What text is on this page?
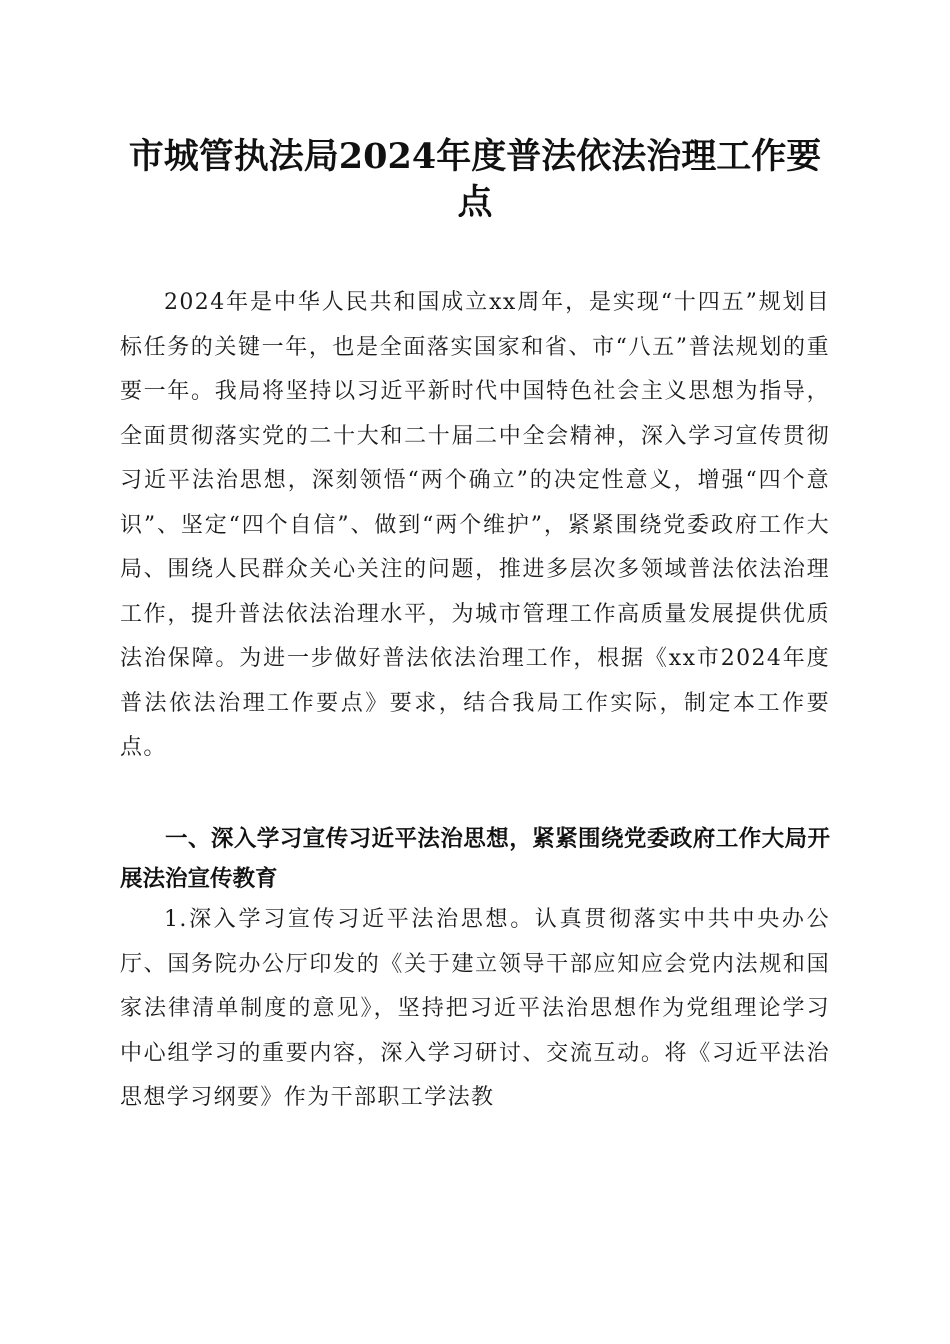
市城管执法局2024年度普法依法治理工作要点

2024年是中华人民共和国成立xx周年，是实现“十四五”规划目标任务的关键一年，也是全面落实国家和省、市“八五”普法规划的重要一年。我局将坚持以习近平新时代中国特色社会主义思想为指导，全面贯彻落实党的二十大和二十届二中全会精神，深入学习宣传贯彻习近平法治思想，深刻领悟“两个确立”的决定性意义，增强“四个意识”、坚定“四个自信”、做到“两个维护”，紧紧围绕党委政府工作大局、围绕人民群众关心关注的问题，推进多层次多领域普法依法治理工作，提升普法依法治理水平，为城市管理工作高质量发展提供优质法治保障。为进一步做好普法依法治理工作，根据《xx市2024年度普法依法治理工作要点》要求，结合我局工作实际，制定本工作要点。

一、深入学习宣传习近平法治思想，紧紧围绕党委政府工作大局开展法治宣传教育

1.深入学习宣传习近平法治思想。认真贯彻落实中共中央办公厅、国务院办公厅印发的《关于建立领导干部应知应会党内法规和国家法律清单制度的意见》，坚持把习近平法治思想作为党组理论学习中心组学习的重要内容，深入学习研讨、交流互动。将《习近平法治思想学习纲要》作为干部职工学法教
